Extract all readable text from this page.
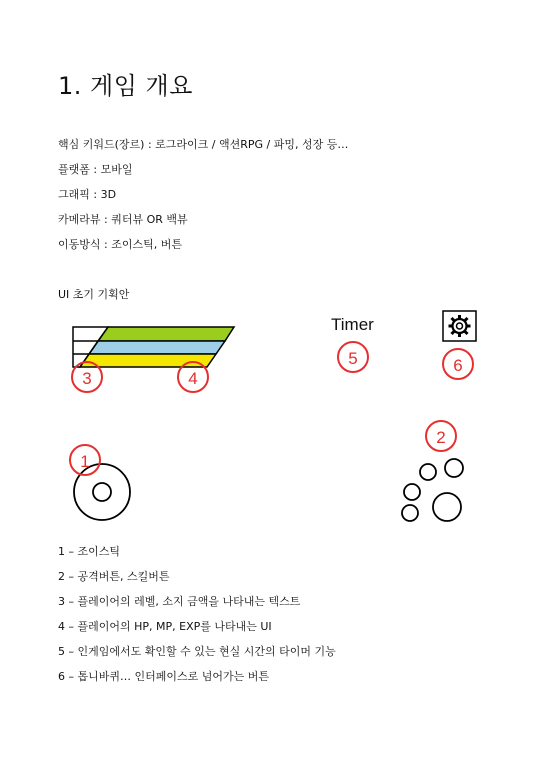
1. 게임 개요
핵심 키워드(장르) : 로그라이크 / 액션RPG / 파밍, 성장 등…
플랫폼 : 모바일
그래픽 : 3D
카메라뷰 : 쿼터뷰 OR 백뷰
이동방식 : 조이스틱, 버튼
UI 초기 기획안
Timer
1
2
3	4
5	6
1 – 조이스틱
2 – 공격버튼, 스킬버튼
3 – 플레이어의 레벨, 소지 금액을 나타내는 텍스트
4 – 플레이어의 HP, MP, EXP를 나타내는 UI
5 – 인게임에서도 확인할 수 있는 현실 시간의 타이머 기능
6 – 톱니바퀴… 인터페이스로 넘어가는 버튼
